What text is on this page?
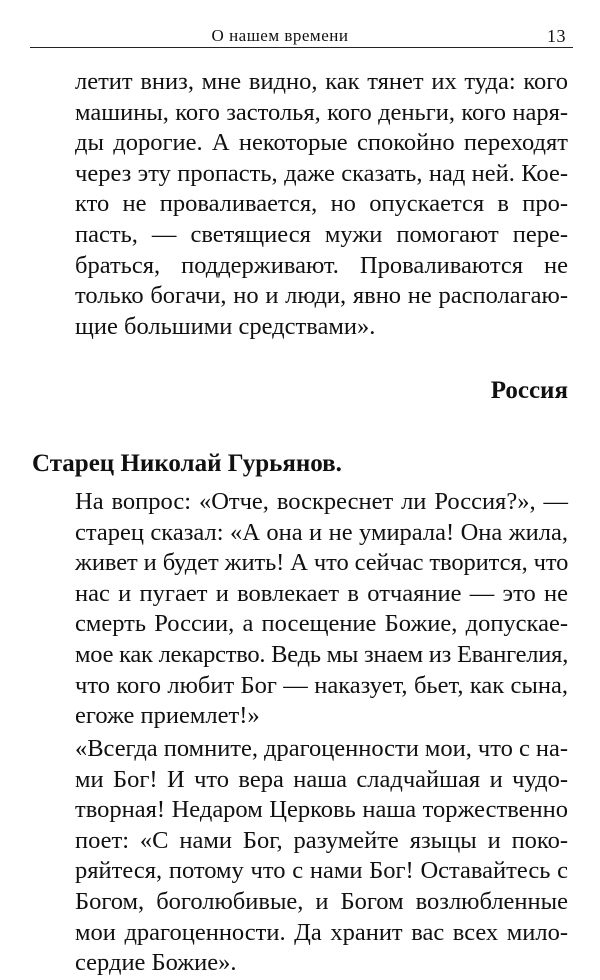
О нашем времени	13
летит вниз, мне видно, как тянет их туда: кого
машины, кого застолья, кого деньги, кого наря-
ды дорогие. А некоторые спокойно переходят
через эту пропасть, даже сказать, над ней. Кое-
кто не проваливается, но опускается в про-
пасть, — светящиеся мужи помогают пере-
браться, поддерживают. Проваливаются не
только богачи, но и люди, явно не располагаю-
щие большими средствами».
Россия
Старец Николай Гурьянов.
На вопрос: «Отче, воскреснет ли Россия?», —
старец сказал: «А она и не умирала! Она жила,
живет и будет жить! А что сейчас творится, что
нас и пугает и вовлекает в отчаяние — это не
смерть России, а посещение Божие, допускае-
мое как лекарство. Ведь мы знаем из Евангелия,
что кого любит Бог — наказует, бьет, как сына,
егоже приемлет!»
«Всегда помните, драгоценности мои, что с на-
ми Бог! И что вера наша сладчайшая и чудо-
творная! Недаром Церковь наша торжественно
поет: «С нами Бог, разумейте языцы и поко-
ряйтеся, потому что с нами Бог! Оставайтесь с
Богом, боголюбивые, и Богом возлюбленные
мои драгоценности. Да хранит вас всех мило-
сердие Божие».
